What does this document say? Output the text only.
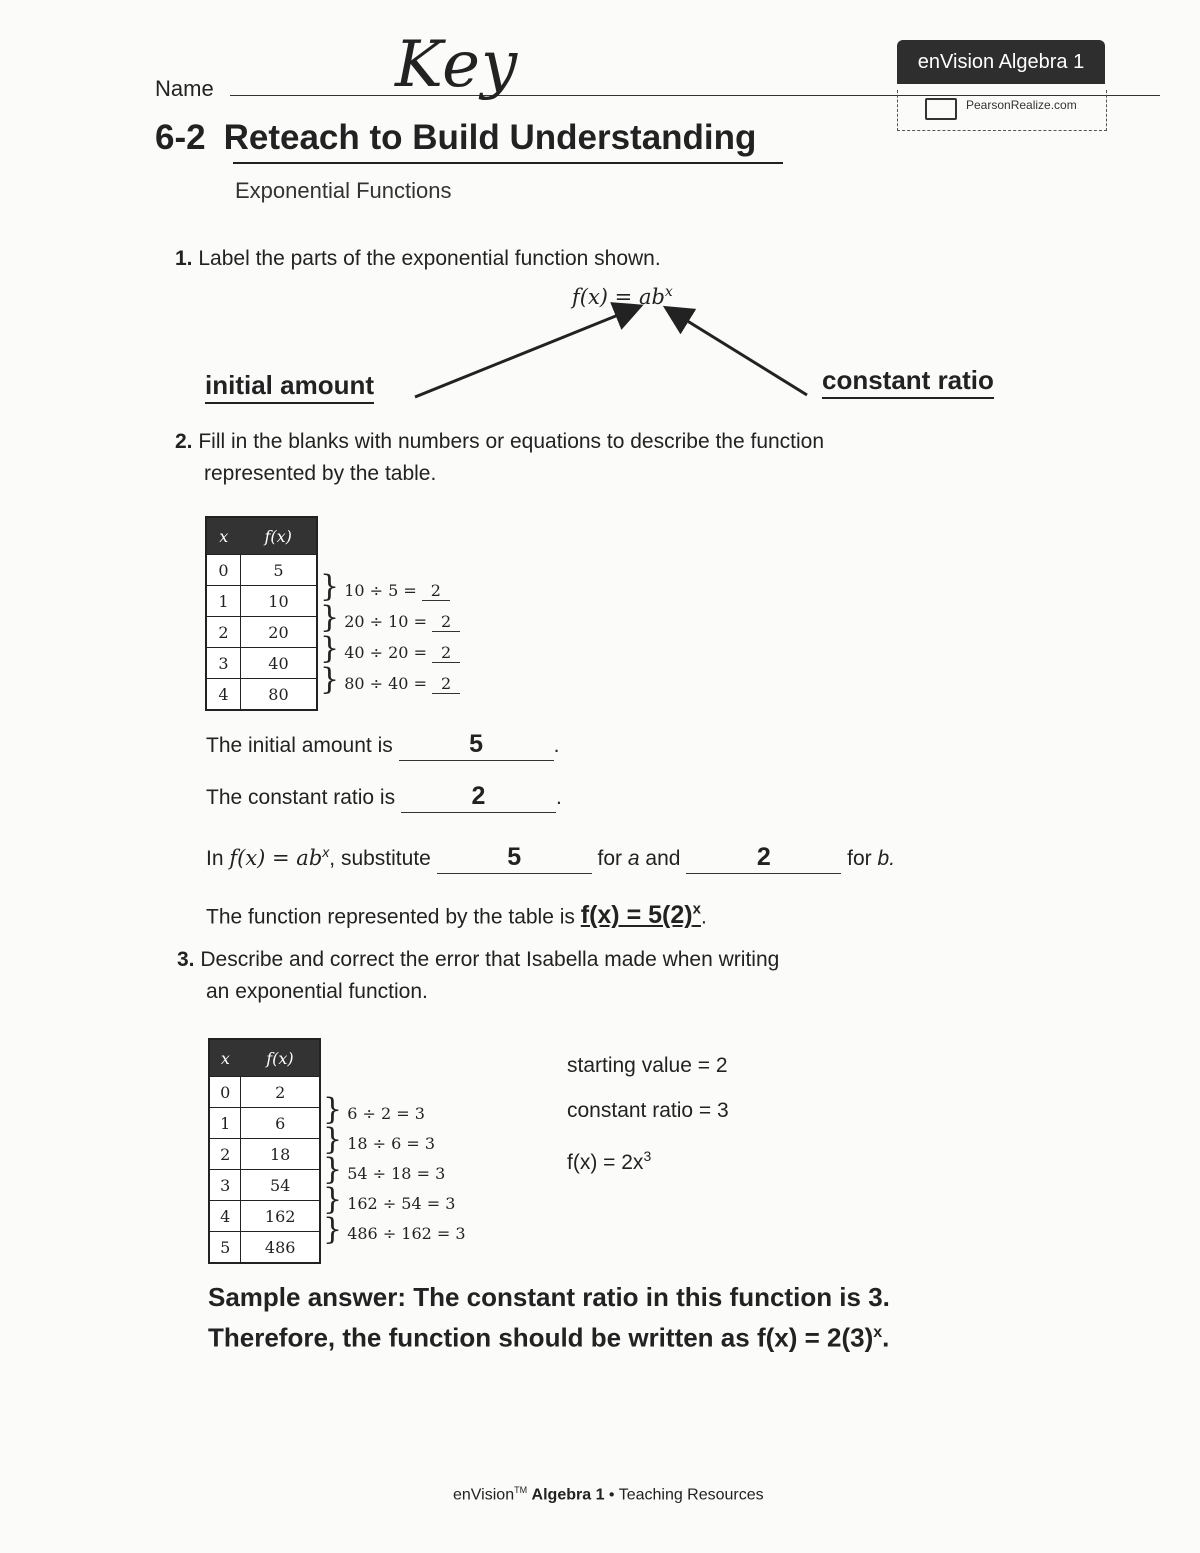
Name	Key	enVision Algebra 1
PearsonRealize.com
6-2 Reteach to Build Understanding
Exponential Functions
1. Label the parts of the exponential function shown.
$f(x) = ab^x$
initial amount	constant ratio
2. Fill in the blanks with numbers or equations to describe the function
represented by the table.
x	f(x)
0	5
1	10
2	20
3	40
4	80
} 10 ÷ 5 = 2
} 20 ÷ 10 = 2
} 40 ÷ 20 = 2
} 80 ÷ 40 = 2
The initial amount is	5	.
The constant ratio is	2	.
In $f(x) = ab^x$, substitute	5	for a and	2	for b.
The function represented by the table is $f(x) = 5(2)^x$.
3. Describe and correct the error that Isabella made when writing
an exponential function.
x	f(x)
0	2
1	6
2	18
3	54
4	162
5	486
} 6 ÷ 2 = 3
} 18 ÷ 6 = 3
} 54 ÷ 18 = 3
} 162 ÷ 54 = 3
} 486 ÷ 162 = 3
starting value = 2
constant ratio = 3
$f(x) = 2x^3$
Sample answer: The constant ratio in this function is 3.
Therefore, the function should be written as $f(x) = 2(3)^x$.
enVision™ Algebra 1 • Teaching Resources
